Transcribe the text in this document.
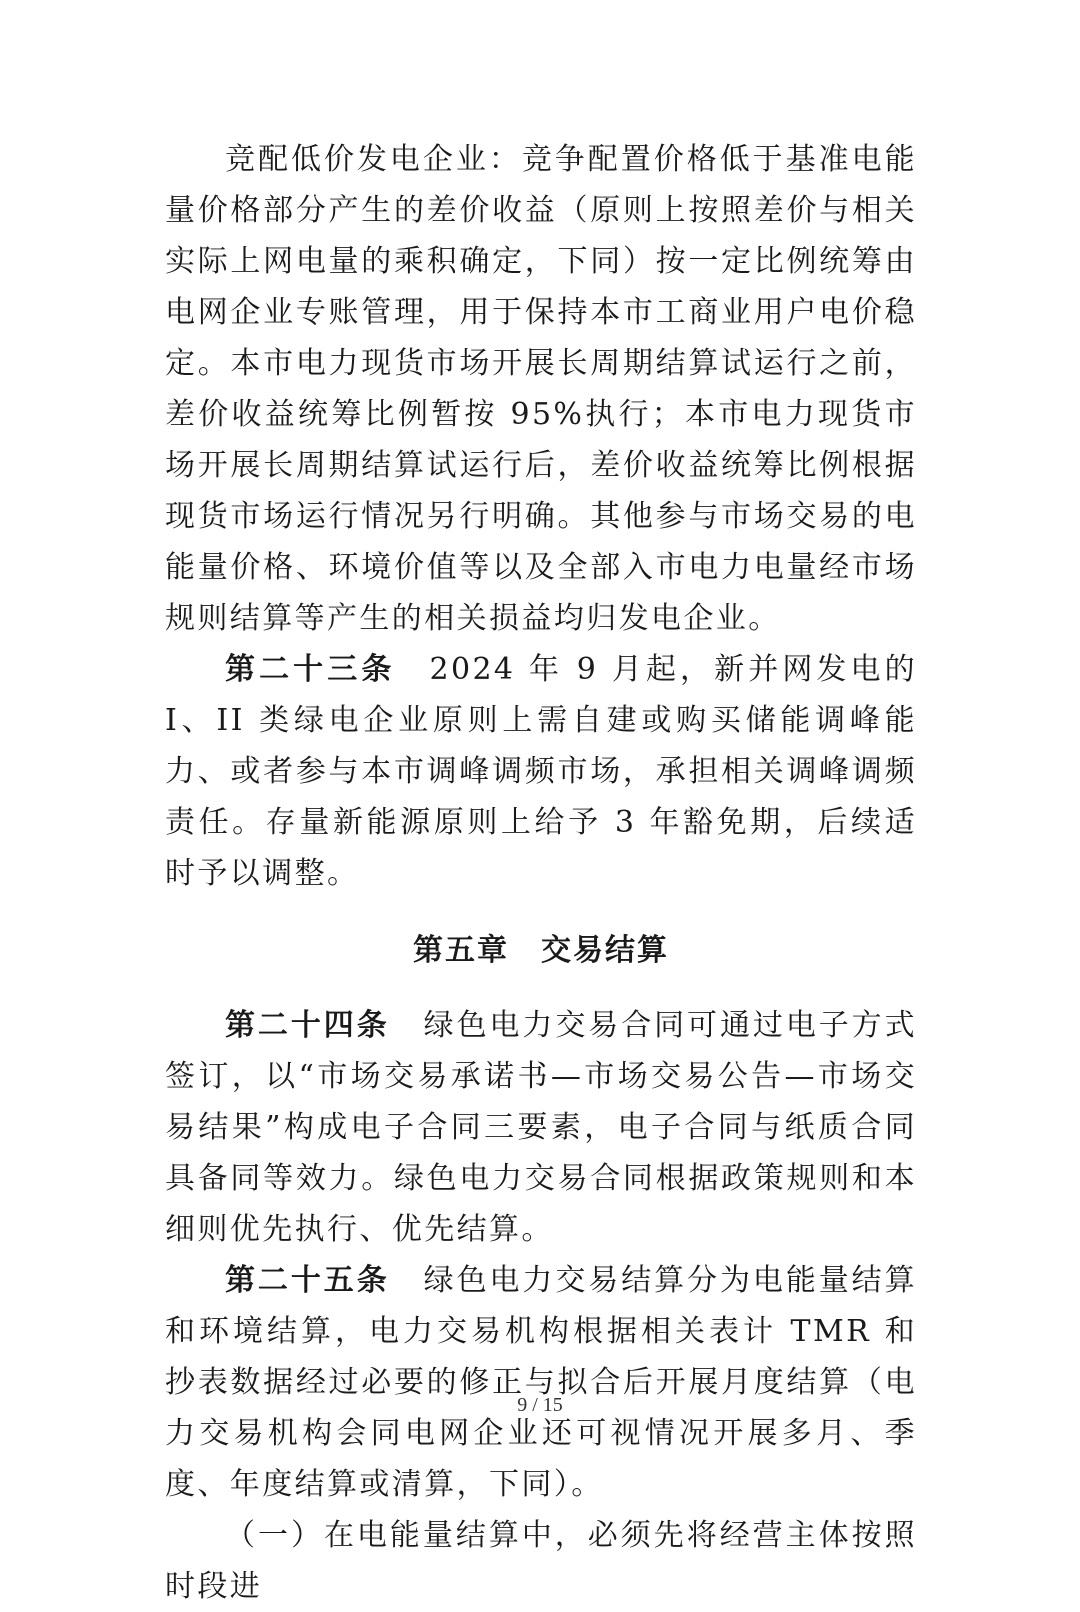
竞配低价发电企业：竞争配置价格低于基准电能量价格部分产生的差价收益（原则上按照差价与相关实际上网电量的乘积确定，下同）按一定比例统筹由电网企业专账管理，用于保持本市工商业用户电价稳定。本市电力现货市场开展长周期结算试运行之前，差价收益统筹比例暂按 95%执行；本市电力现货市场开展长周期结算试运行后，差价收益统筹比例根据现货市场运行情况另行明确。其他参与市场交易的电能量价格、环境价值等以及全部入市电力电量经市场规则结算等产生的相关损益均归发电企业。

第二十三条 2024 年 9 月起，新并网发电的 I、II 类绿电企业原则上需自建或购买储能调峰能力、或者参与本市调峰调频市场，承担相关调峰调频责任。存量新能源原则上给予 3 年豁免期，后续适时予以调整。

第五章 交易结算

第二十四条 绿色电力交易合同可通过电子方式签订，以“市场交易承诺书—市场交易公告—市场交易结果”构成电子合同三要素，电子合同与纸质合同具备同等效力。绿色电力交易合同根据政策规则和本细则优先执行、优先结算。

第二十五条 绿色电力交易结算分为电能量结算和环境结算，电力交易机构根据相关表计 TMR 和抄表数据经过必要的修正与拟合后开展月度结算（电力交易机构会同电网企业还可视情况开展多月、季度、年度结算或清算，下同）。

（一）在电能量结算中，必须先将经营主体按照时段进

9 / 15
